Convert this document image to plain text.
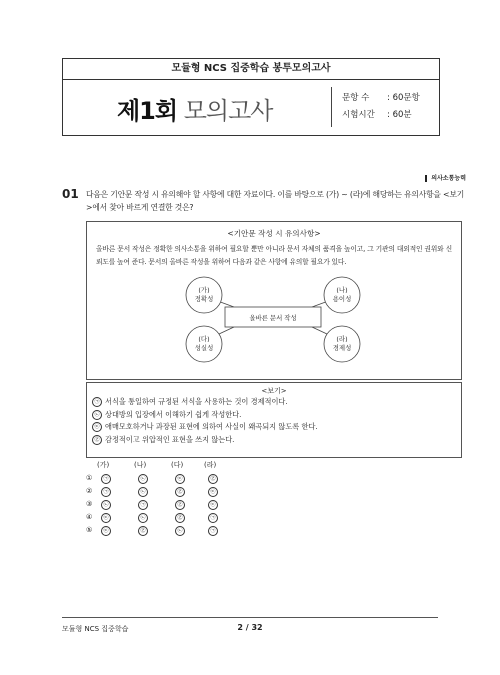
모듈형 NCS 집중학습 봉투모의고사
제1회 모의고사	문항 수 : 60문항
시험시간 : 60분
의사소통능력
01 다음은 기안문 작성 시 유의해야 할 사항에 대한 자료이다. 이를 바탕으로 (가) ~ (라)에 해당하는 유의사항을 <보기>에서 찾아 바르게 연결한 것은?
<기안문 작성 시 유의사항>
올바른 문서 작성은 정확한 의사소통을 위하여 필요할 뿐만 아니라 문서 자체의 품격을 높이고, 그 기관의 대외적인 권위와 신뢰도를 높여 준다. 문서의 올바른 작성을 위하여 다음과 같은 사항에 유의할 필요가 있다.
올바른 문서 작성
(가)
정확성
(나)
용이성
(다)
성실성
(라)
경제성
<보기>
㉠ 서식을 통일하여 규정된 서식을 사용하는 것이 경제적이다.
㉡ 상대방의 입장에서 이해하기 쉽게 작성한다.
㉢ 애매모호하거나 과장된 표현에 의하여 사실이 왜곡되지 않도록 한다.
㉣ 감정적이고 위압적인 표현을 쓰지 않는다.
(가)	(나)	(다)	(라)
①	㉠	㉡	㉢	㉣
②	㉠	㉡	㉣	㉢
③	㉡	㉠	㉣	㉢
④	㉢	㉡	㉣	㉠
⑤	㉢	㉣	㉡	㉠
모듈형 NCS 집중학습	2 / 32
